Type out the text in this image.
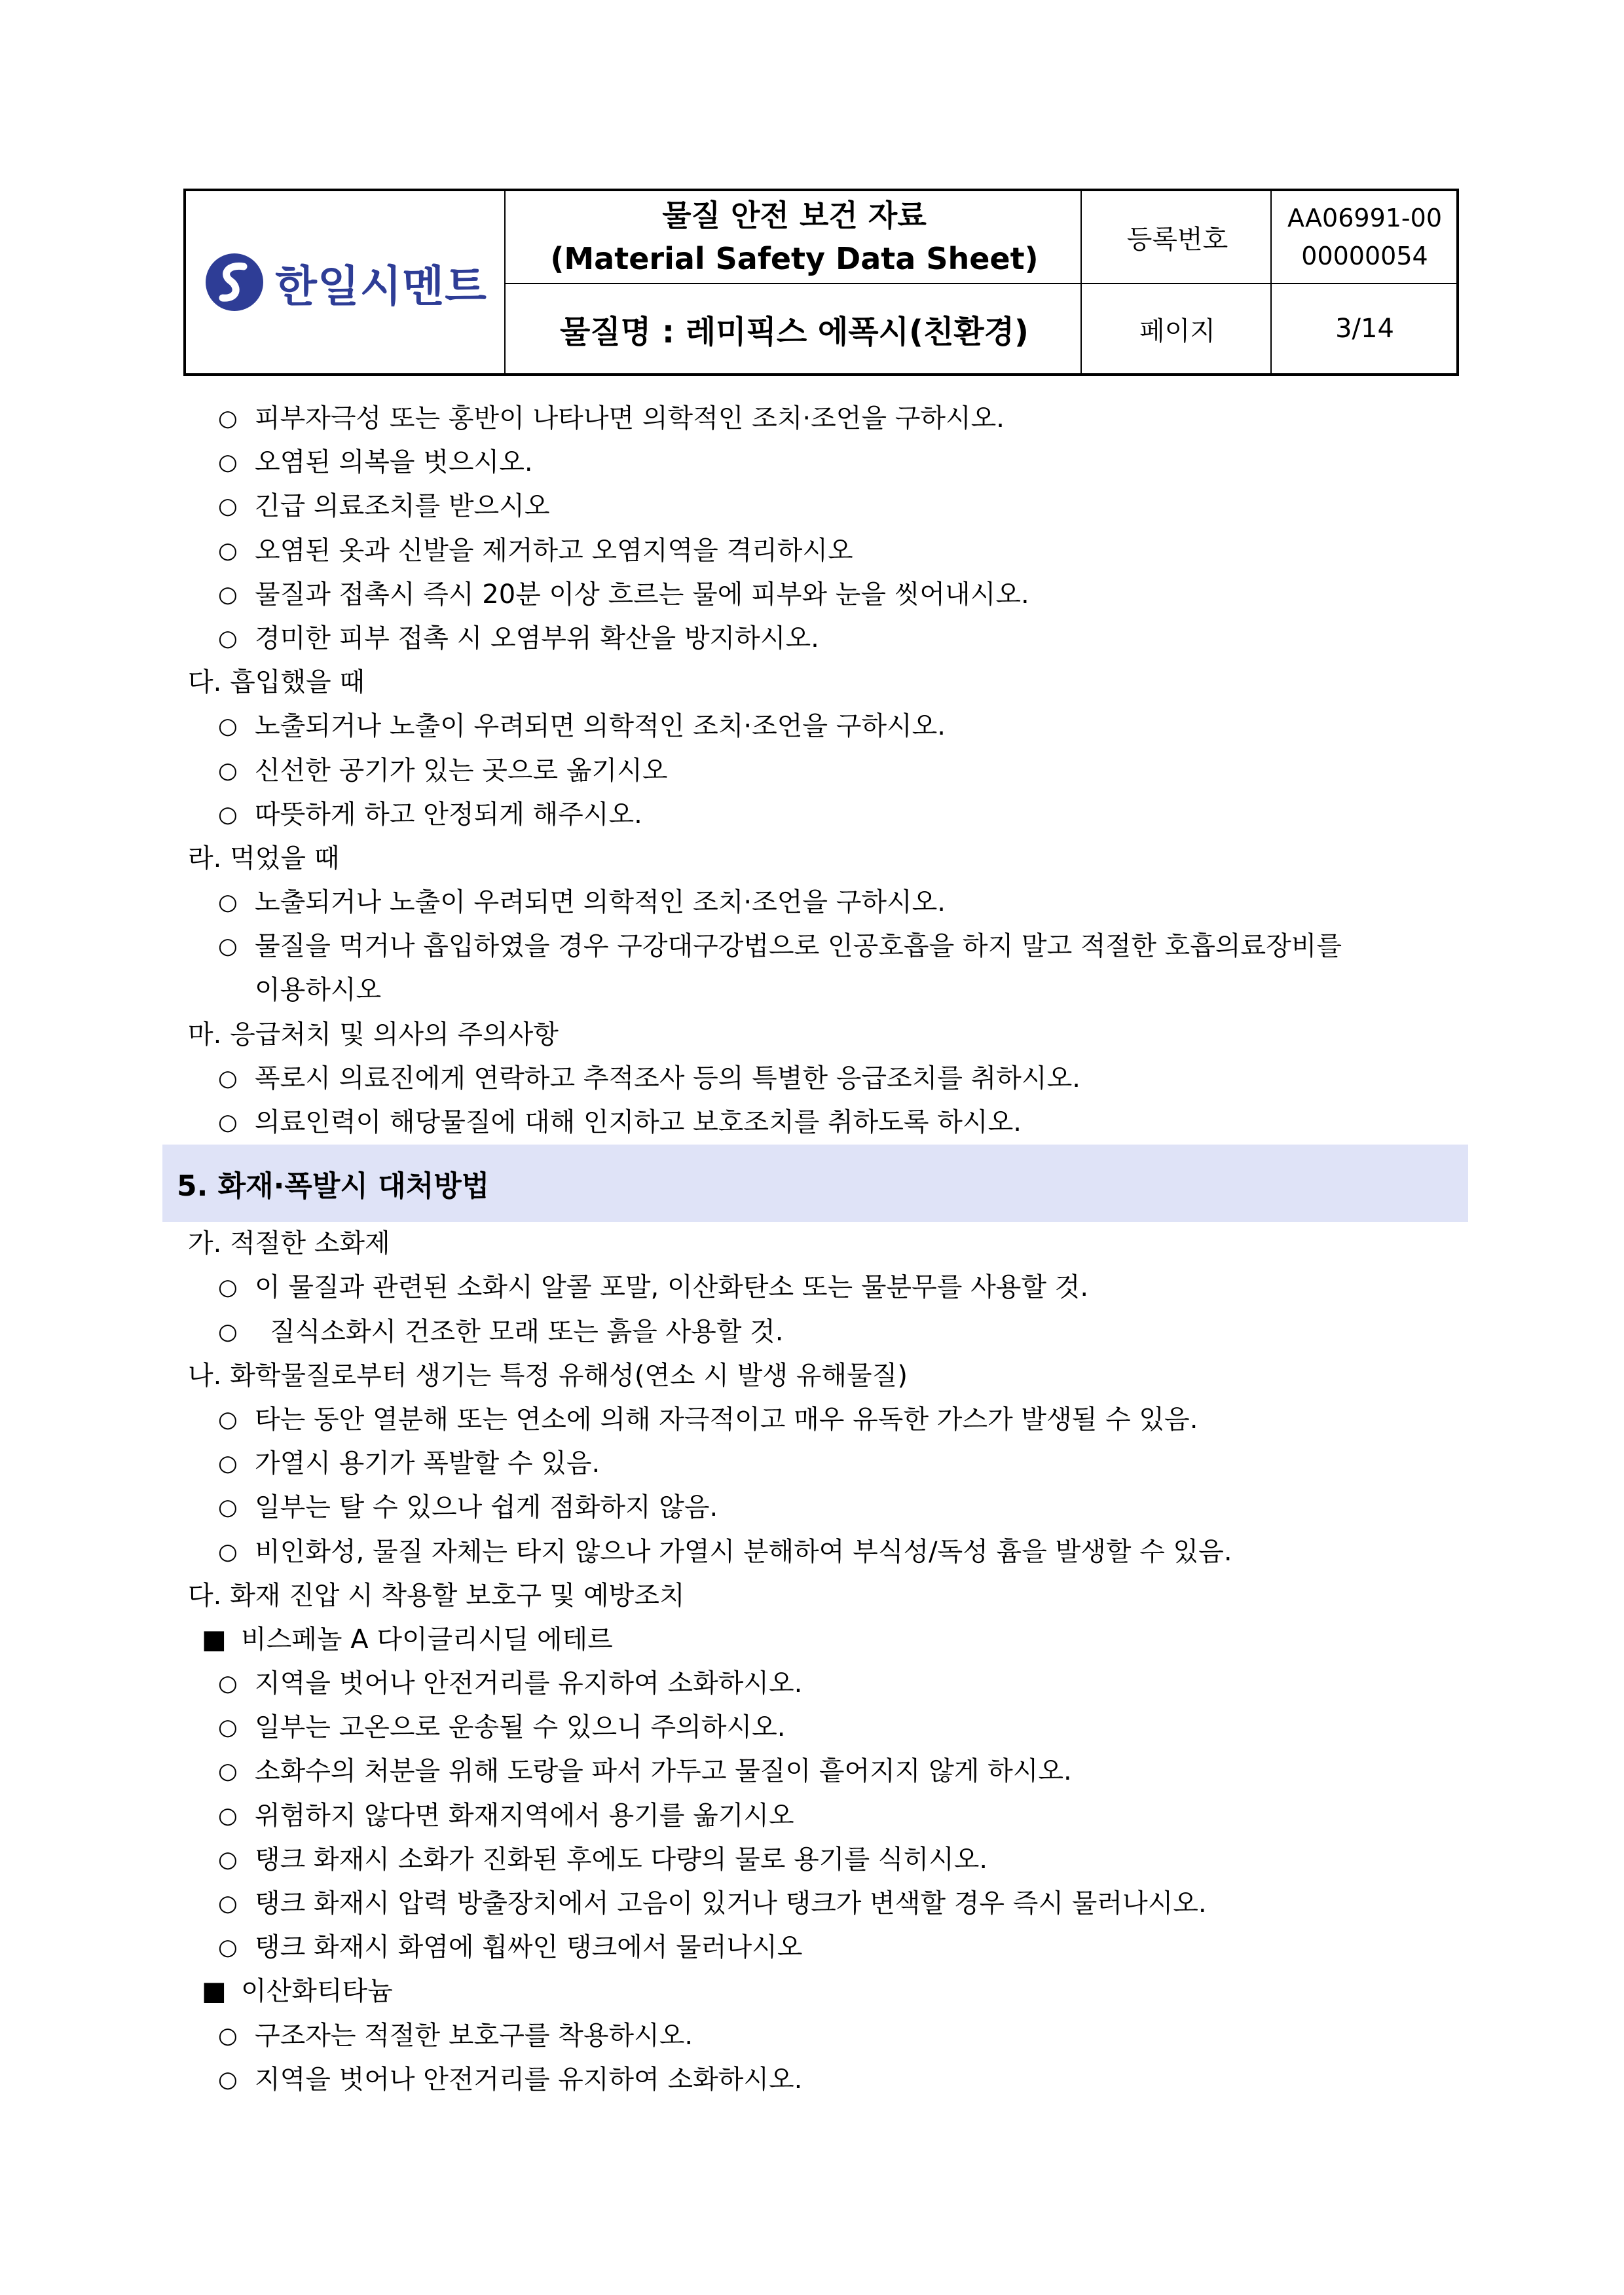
한일시멘트
물질 안전 보건 자료
(Material Safety Data Sheet)
물질명 : 레미픽스 에폭시(친환경)
등록번호
AA06991-00
00000054
페이지	3/14
○ 피부자극성 또는 홍반이 나타나면 의학적인 조치·조언을 구하시오.
○ 오염된 의복을 벗으시오.
○ 긴급 의료조치를 받으시오
○ 오염된 옷과 신발을 제거하고 오염지역을 격리하시오
○ 물질과 접촉시 즉시 20분 이상 흐르는 물에 피부와 눈을 씻어내시오.
○ 경미한 피부 접촉 시 오염부위 확산을 방지하시오.
다. 흡입했을 때
○ 노출되거나 노출이 우려되면 의학적인 조치·조언을 구하시오.
○ 신선한 공기가 있는 곳으로 옮기시오
○ 따뜻하게 하고 안정되게 해주시오.
라. 먹었을 때
○ 노출되거나 노출이 우려되면 의학적인 조치·조언을 구하시오.
○ 물질을 먹거나 흡입하였을 경우 구강대구강법으로 인공호흡을 하지 말고 적절한 호흡의료장비를
이용하시오
마. 응급처치 및 의사의 주의사항
○ 폭로시 의료진에게 연락하고 추적조사 등의 특별한 응급조치를 취하시오.
○ 의료인력이 해당물질에 대해 인지하고 보호조치를 취하도록 하시오.
5. 화재·폭발시 대처방법
가. 적절한 소화제
○ 이 물질과 관련된 소화시 알콜 포말, 이산화탄소 또는 물분무를 사용할 것.
○ 질식소화시 건조한 모래 또는 흙을 사용할 것.
나. 화학물질로부터 생기는 특정 유해성(연소 시 발생 유해물질)
○ 타는 동안 열분해 또는 연소에 의해 자극적이고 매우 유독한 가스가 발생될 수 있음.
○ 가열시 용기가 폭발할 수 있음.
○ 일부는 탈 수 있으나 쉽게 점화하지 않음.
○ 비인화성, 물질 자체는 타지 않으나 가열시 분해하여 부식성/독성 흄을 발생할 수 있음.
다. 화재 진압 시 착용할 보호구 및 예방조치
■ 비스페놀 A 다이글리시딜 에테르
○ 지역을 벗어나 안전거리를 유지하여 소화하시오.
○ 일부는 고온으로 운송될 수 있으니 주의하시오.
○ 소화수의 처분을 위해 도랑을 파서 가두고 물질이 흩어지지 않게 하시오.
○ 위험하지 않다면 화재지역에서 용기를 옮기시오
○ 탱크 화재시 소화가 진화된 후에도 다량의 물로 용기를 식히시오.
○ 탱크 화재시 압력 방출장치에서 고음이 있거나 탱크가 변색할 경우 즉시 물러나시오.
○ 탱크 화재시 화염에 휩싸인 탱크에서 물러나시오
■ 이산화티타늄
○ 구조자는 적절한 보호구를 착용하시오.
○ 지역을 벗어나 안전거리를 유지하여 소화하시오.
